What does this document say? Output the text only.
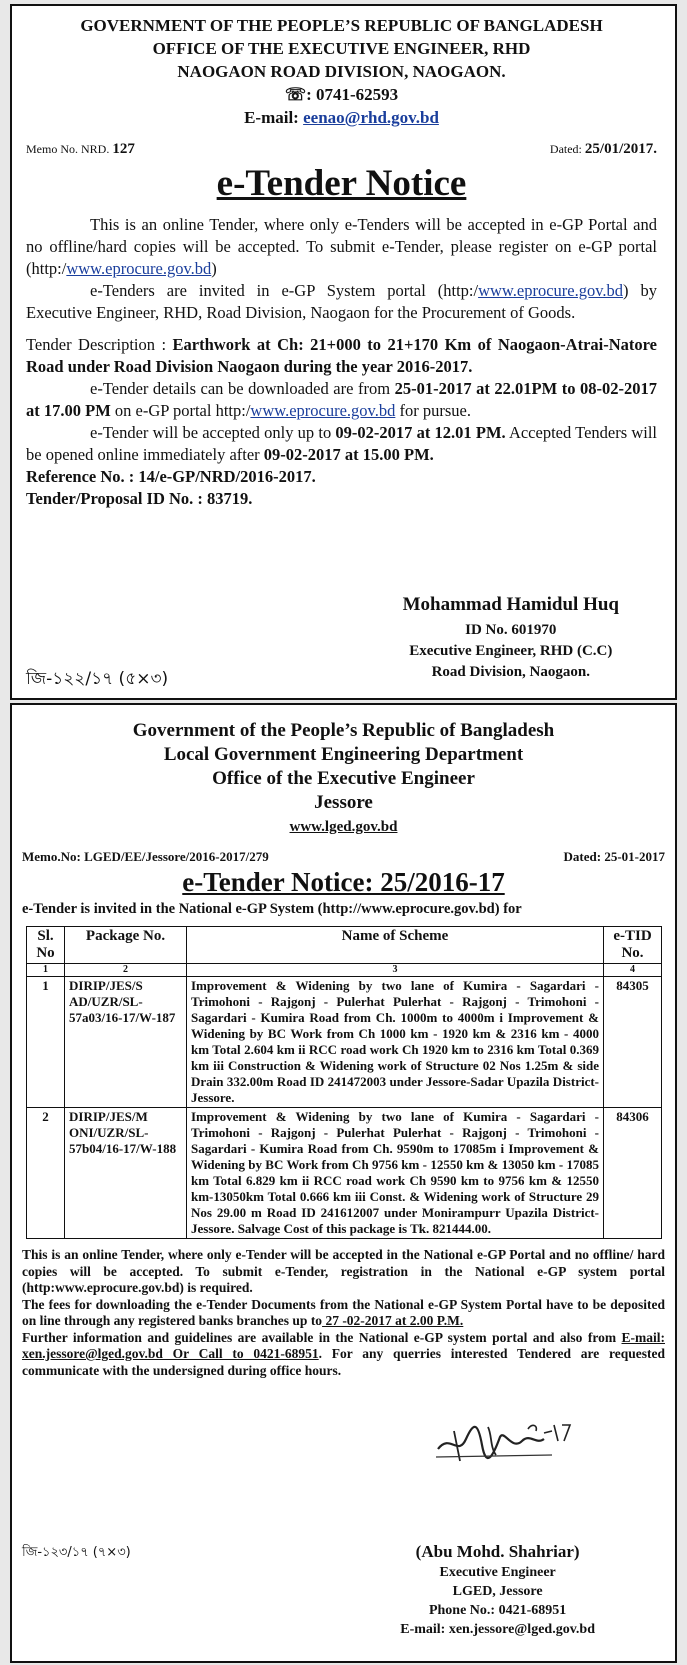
GOVERNMENT OF THE PEOPLE’S REPUBLIC OF BANGLADESH
OFFICE OF THE EXECUTIVE ENGINEER, RHD
NAOGAON ROAD DIVISION, NAOGAON.
☏: 0741-62593
E-mail: eenao@rhd.gov.bd
Memo No. NRD. 127	Dated: 25/01/2017.
e-Tender Notice

This is an online Tender, where only e-Tenders will be accepted in e-GP Portal and no offline/hard copies will be accepted. To submit e-Tender, please register on e-GP portal (http:/www.eprocure.gov.bd)

e-Tenders are invited in e-GP System portal (http:/www.eprocure.gov.bd) by Executive Engineer, RHD, Road Division, Naogaon for the Procurement of Goods.

Tender Description : Earthwork at Ch: 21+000 to 21+170 Km of Naogaon-Atrai-Natore Road under Road Division Naogaon during the year 2016-2017.

e-Tender details can be downloaded are from 25-01-2017 at 22.01PM to 08-02-2017 at 17.00 PM on e-GP portal http:/www.eprocure.gov.bd for pursue.

e-Tender will be accepted only up to 09-02-2017 at 12.01 PM. Accepted Tenders will be opened online immediately after 09-02-2017 at 15.00 PM.

Reference No. : 14/e-GP/NRD/2016-2017.

Tender/Proposal ID No. : 83719.

Mohammad Hamidul Huq
ID No. 601970
Executive Engineer, RHD (C.C)
Road Division, Naogaon.
জি-১২২/১৭ (৫×৩)
Government of the People’s Republic of Bangladesh
Local Government Engineering Department
Office of the Executive Engineer
Jessore
www.lged.gov.bd
Memo.No: LGED/EE/Jessore/2016-2017/279	Dated: 25-01-2017
e-Tender Notice: 25/2016-17
e-Tender is invited in the National e-GP System (http://www.eprocure.gov.bd) for
Sl. No	Package No.	Name of Scheme	e-TID No.
1	2	3	4
1	DIRIP/JES/S AD/UZR/SL-57a03/16-17/W-187	Improvement & Widening by two lane of Kumira - Sagardari - Trimohoni - Rajgonj - Pulerhat Pulerhat - Rajgonj - Trimohoni - Sagardari - Kumira Road from Ch. 1000m to 4000m i Improvement & Widening by BC Work from Ch 1000 km - 1920 km & 2316 km - 4000 km Total 2.604 km ii RCC road work Ch 1920 km to 2316 km Total 0.369 km iii Construction & Widening work of Structure 02 Nos 1.25m & side Drain 332.00m Road ID 241472003 under Jessore-Sadar Upazila District-Jessore.	84305
2	DIRIP/JES/M ONI/UZR/SL-57b04/16-17/W-188	Improvement & Widening by two lane of Kumira - Sagardari - Trimohoni - Rajgonj - Pulerhat Pulerhat - Rajgonj - Trimohoni - Sagardari - Kumira Road from Ch. 9590m to 17085m i Improvement & Widening by BC Work from Ch 9756 km - 12550 km & 13050 km - 17085 km Total 6.829 km ii RCC road work Ch 9590 km to 9756 km & 12550 km-13050km Total 0.666 km iii Const. & Widening work of Structure 29 Nos 29.00 m Road ID 241612007 under Monirampurr Upazila District-Jessore. Salvage Cost of this package is Tk. 821444.00.	84306

This is an online Tender, where only e-Tender will be accepted in the National e-GP Portal and no offline/ hard copies will be accepted. To submit e-Tender, registration in the National e-GP system portal (http:www.eprocure.gov.bd) is required.

The fees for downloading the e-Tender Documents from the National e-GP System Portal have to be deposited on line through any registered banks branches up to 27 -02-2017 at 2.00 P.M.

Further information and guidelines are available in the National e-GP system portal and also from E-mail: xen.jessore@lged.gov.bd Or Call to 0421-68951. For any querries interested Tendered are requested communicate with the undersigned during office hours.

জি-১২৩/১৭ (৭×৩)	(Abu Mohd. Shahriar)
Executive Engineer
LGED, Jessore
Phone No.: 0421-68951
E-mail: xen.jessore@lged.gov.bd
